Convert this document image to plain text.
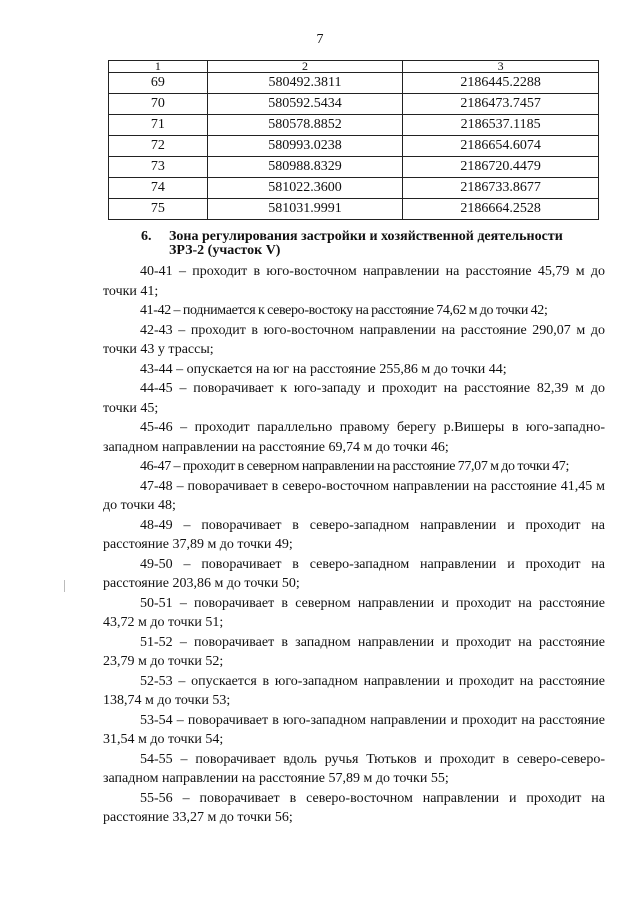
7
1	2	3
69	580492.3811	2186445.2288
70	580592.5434	2186473.7457
71	580578.8852	2186537.1185
72	580993.0238	2186654.6074
73	580988.8329	2186720.4479
74	581022.3600	2186733.8677
75	581031.9991	2186664.2528
6. Зона регулирования застройки и хозяйственной деятельности
ЗРЗ-2 (участок V)

40-41 – проходит в юго-восточном направлении на расстояние 45,79 м до точки 41;

41-42 – поднимается к северо-востоку на расстояние 74,62 м до точки 42;

42-43 – проходит в юго-восточном направлении на расстояние 290,07 м до точки 43 у трассы;

43-44 – опускается на юг на расстояние 255,86 м до точки 44;

44-45 – поворачивает к юго-западу и проходит на расстояние 82,39 м до точки 45;

45-46 – проходит параллельно правому берегу р.Вишеры в юго-западно-западном направлении на расстояние 69,74 м до точки 46;

46-47 – проходит в северном направлении на расстояние 77,07 м до точки 47;

47-48 – поворачивает в северо-восточном направлении на расстояние 41,45 м до точки 48;

48-49 – поворачивает в северо-западном направлении и проходит на расстояние 37,89 м до точки 49;

49-50 – поворачивает в северо-западном направлении и проходит на расстояние 203,86 м до точки 50;

50-51 – поворачивает в северном направлении и проходит на расстояние 43,72 м до точки 51;

51-52 – поворачивает в западном направлении и проходит на расстояние 23,79 м до точки 52;

52-53 – опускается в юго-западном направлении и проходит на расстояние 138,74 м до точки 53;

53-54 – поворачивает в юго-западном направлении и проходит на расстояние 31,54 м до точки 54;

54-55 – поворачивает вдоль ручья Тютьков и проходит в северо-северо-западном направлении на расстояние 57,89 м до точки 55;

55-56 – поворачивает в северо-восточном направлении и проходит на расстояние 33,27 м до точки 56;
